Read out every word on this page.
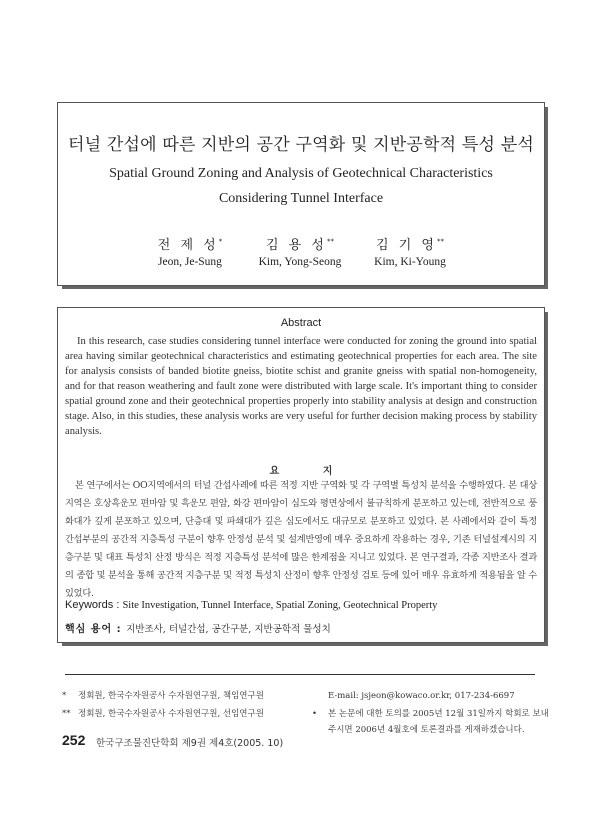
터널 간섭에 따른 지반의 공간 구역화 및 지반공학적 특성 분석
Spatial Ground Zoning and Analysis of Geotechnical Characteristics
Considering Tunnel Interface
전 제 성*
Jeon, Je-Sung
김 용 성**
Kim, Yong-Seong
김 기 영**
Kim, Ki-Young
Abstract

In this research, case studies considering tunnel interface were conducted for zoning the ground into spatial area having similar geotechnical characteristics and estimating geotechnical properties for each area. The site for analysis consists of banded biotite gneiss, biotite schist and granite gneiss with spatial non-homogeneity, and for that reason weathering and fault zone were distributed with large scale. It's important thing to consider spatial ground zone and their geotechnical properties properly into stability analysis at design and construction stage. Also, in this studies, these analysis works are very useful for further decision making process by stability analysis.

요 지

본 연구에서는 OO지역에서의 터널 간섭사례에 따른 적정 지반 구역화 및 각 구역별 특성치 분석을 수행하였다. 본 대상 지역은 호상흑운모 편마암 및 흑운모 편암, 화강 편마암이 심도와 평면상에서 불규칙하게 분포하고 있는데, 전반적으로 풍화대가 깊게 분포하고 있으며, 단층대 및 파쇄대가 깊은 심도에서도 대규모로 분포하고 있었다. 본 사례에서와 같이 특정 간섭부분의 공간적 지층특성 구분이 향후 안정성 분석 및 설계반영에 매우 중요하게 작용하는 경우, 기존 터널설계시의 지층구분 및 대표 특성치 산정 방식은 적정 지층특성 분석에 많은 한계점을 지니고 있었다. 본 연구결과, 각종 지반조사 결과의 종합 및 분석을 통해 공간적 지층구분 및 적정 특성치 산정이 향후 안정성 검토 등에 있어 매우 유효하게 적용됨을 알 수 있었다.

Keywords : Site Investigation, Tunnel Interface, Spatial Zoning, Geotechnical Property
핵심 용어 : 지반조사, 터널간섭, 공간구분, 지반공학적 물성치
* 정회원, 한국수자원공사 수자원연구원, 책임연구원
** 정회원, 한국수자원공사 수자원연구원, 선임연구원
E-mail: jsjeon@kowaco.or.kr, 017-234-6697
• 본 논문에 대한 토의를 2005년 12월 31일까지 학회로 보내
주시면 2006년 4월호에 토론결과를 게재하겠습니다.
252 한국구조물진단학회 제9권 제4호(2005. 10)
